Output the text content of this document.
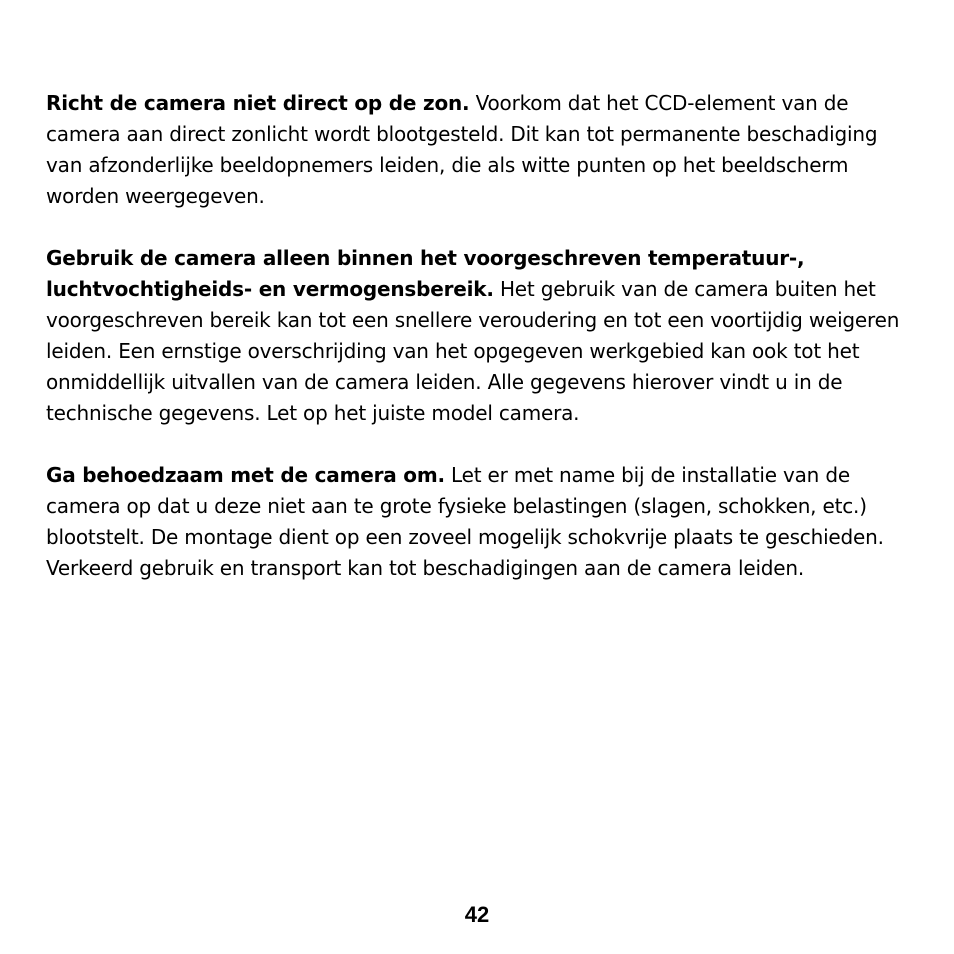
Richt de camera niet direct op de zon. Voorkom dat het CCD-element van de camera aan direct zonlicht wordt blootgesteld. Dit kan tot permanente beschadiging van afzonderlijke beeldopnemers leiden, die als witte punten op het beeldscherm worden weergegeven.

Gebruik de camera alleen binnen het voorgeschreven temperatuur-, luchtvochtigheids- en vermogensbereik. Het gebruik van de camera buiten het voorgeschreven bereik kan tot een snellere veroudering en tot een voortijdig weigeren leiden. Een ernstige overschrijding van het opgegeven werkgebied kan ook tot het onmiddellijk uitvallen van de camera leiden. Alle gegevens hierover vindt u in de technische gegevens. Let op het juiste model camera.

Ga behoedzaam met de camera om. Let er met name bij de installatie van de camera op dat u deze niet aan te grote fysieke belastingen (slagen, schokken, etc.) blootstelt. De montage dient op een zoveel mogelijk schokvrije plaats te geschieden. Verkeerd gebruik en transport kan tot beschadigingen aan de camera leiden.

42
